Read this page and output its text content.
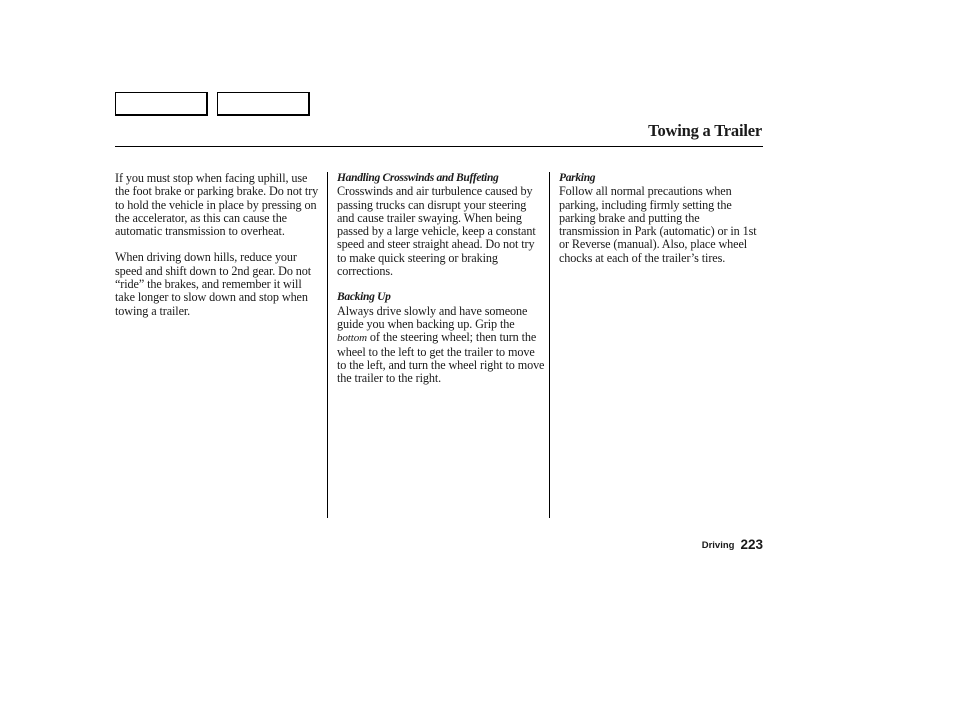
Towing a Trailer

If you must stop when facing uphill, use the foot brake or parking brake. Do not try to hold the vehicle in place by pressing on the accelerator, as this can cause the automatic transmission to overheat.

When driving down hills, reduce your speed and shift down to 2nd gear. Do not “ride” the brakes, and remember it will take longer to slow down and stop when towing a trailer.

Handling Crosswinds and Buffeting

Crosswinds and air turbulence caused by passing trucks can disrupt your steering and cause trailer swaying. When being passed by a large vehicle, keep a constant speed and steer straight ahead. Do not try to make quick steering or braking corrections.

Backing Up

Always drive slowly and have someone guide you when backing up. Grip the bottom of the steering wheel; then turn the wheel to the left to get the trailer to move to the left, and turn the wheel right to move the trailer to the right.

Parking

Follow all normal precautions when parking, including firmly setting the parking brake and putting the transmission in Park (automatic) or in 1st or Reverse (manual). Also, place wheel chocks at each of the trailer’s tires.

Driving 223
